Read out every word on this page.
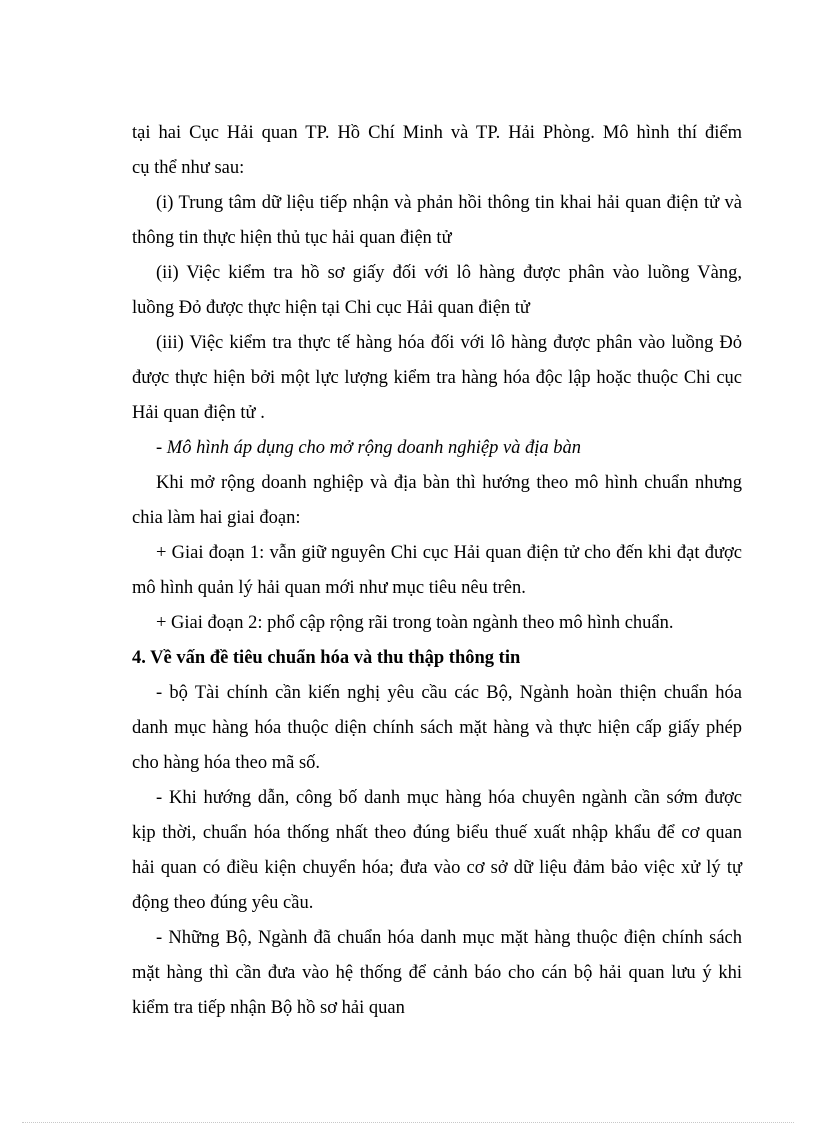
tại hai Cục Hải quan TP. Hồ Chí Minh và TP. Hải Phòng. Mô hình thí điểm

cụ thể như sau:

(i) Trung tâm dữ liệu tiếp nhận và phản hồi thông tin khai hải quan điện tử và

thông tin thực hiện thủ tục hải quan điện tử

(ii) Việc kiểm tra hồ sơ giấy đối với lô hàng được phân vào luồng Vàng,

luồng Đỏ được thực hiện tại Chi cục Hải quan điện tử

(iii) Việc kiểm tra thực tế hàng hóa đối với lô hàng được phân vào luồng Đỏ

được thực hiện bởi một lực lượng kiểm tra hàng hóa độc lập hoặc thuộc Chi cục

Hải quan điện tử .

- Mô hình áp dụng cho mở rộng doanh nghiệp và địa bàn

Khi mở rộng doanh nghiệp và địa bàn thì hướng theo mô hình chuẩn nhưng

chia làm hai giai đoạn:

+ Giai đoạn 1: vẫn giữ nguyên Chi cục Hải quan điện tử cho đến khi đạt được

mô hình quản lý hải quan mới như mục tiêu nêu trên.

+ Giai đoạn 2: phổ cập rộng rãi trong toàn ngành theo mô hình chuẩn.

4. Về vấn đề tiêu chuẩn hóa và thu thập thông tin

- bộ Tài chính cần kiến nghị yêu cầu các Bộ, Ngành hoàn thiện chuẩn hóa

danh mục hàng hóa thuộc diện chính sách mặt hàng và thực hiện cấp giấy phép

cho hàng hóa theo mã số.

- Khi hướng dẫn, công bố danh mục hàng hóa chuyên ngành cần sớm được

kịp thời, chuẩn hóa thống nhất theo đúng biểu thuế xuất nhập khẩu để cơ quan

hải quan có điều kiện chuyển hóa; đưa vào cơ sở dữ liệu đảm bảo việc xử lý tự

động theo đúng yêu cầu.

- Những Bộ, Ngành đã chuẩn hóa danh mục mặt hàng thuộc điện chính sách

mặt hàng thì cần đưa vào hệ thống để cảnh báo cho cán bộ hải quan lưu ý khi

kiểm tra tiếp nhận Bộ hồ sơ hải quan
